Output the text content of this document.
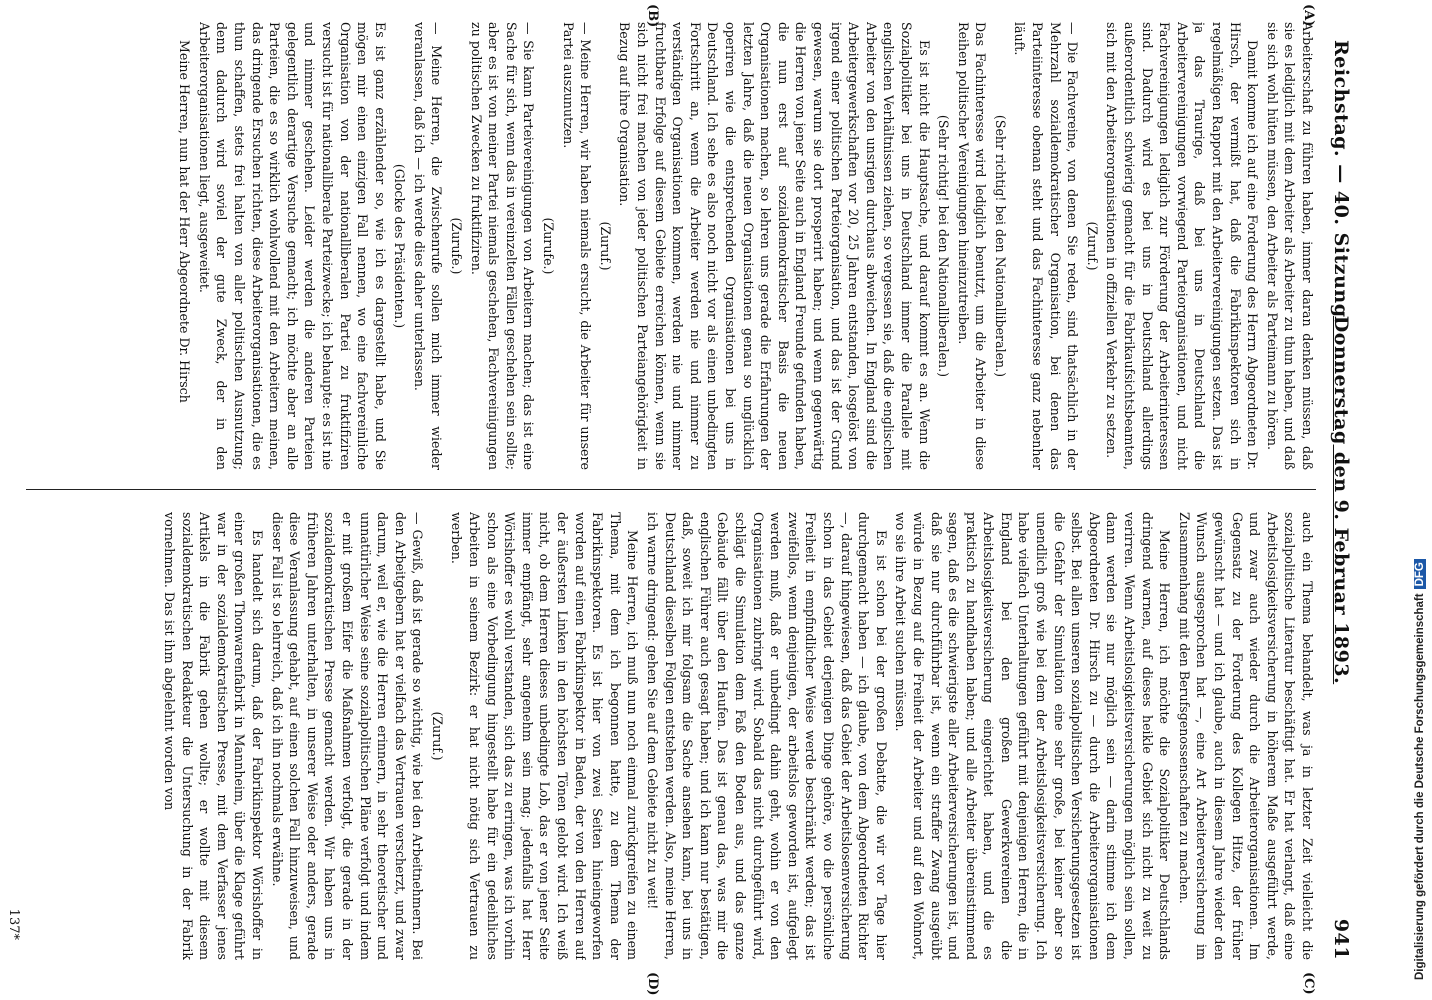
Reichstag. — 40. Sitzung.
Donnerstag den 9. Februar 1893.
941

Arbeiterschaft zu führen haben, immer daran denken müssen, daß sie es lediglich mit dem Arbeiter als Arbeiter zu thun haben, und daß sie sich wohl hüten müssen, den Arbeiter als Parteimann zu hören.

Damit komme ich auf eine Forderung des Herrn Abgeordneten Dr. Hirsch, der vermißt hat, daß die Fabrikinspektoren sich in regelmäßigen Rapport mit den Arbeitervereinigungen setzen. Das ist ja das Traurige, daß bei uns in Deutschland die Arbeitervereinigungen vorwiegend Parteiorganisationen, und nicht Fachvereinigungen lediglich zur Förderung der Arbeiterinteressen sind. Dadurch wird es bei uns in Deutschland allerdings außerordentlich schwierig gemacht für die Fabrikaufsichtsbeamten, sich mit den Arbeiterorganisationen in offiziellen Verkehr zu setzen.

(Zuruf.)

— Die Fachvereine, von denen Sie reden, sind thatsächlich in der Mehrzahl sozialdemokratischer Organisation, bei denen das Parteiinteresse obenan steht und das Fachinteresse ganz nebenher läuft.

(Sehr richtig! bei den Nationalliberalen.)

Das Fachinteresse wird lediglich benutzt, um die Arbeiter in diese Reihen politischer Vereinigungen hineinzutreiben.

(Sehr richtig! bei den Nationalliberalen.)

Es ist nicht die Hauptsache, und darauf kommt es an. Wenn die Sozialpolitiker bei uns in Deutschland immer die Parallele mit englischen Verhältnissen ziehen, so vergessen sie, daß die englischen Arbeiter von den unsrigen durchaus abweichen. In England sind die Arbeitergewerkschaften vor 20, 25 Jahren entstanden, losgelöst von irgend einer politischen Parteiorganisation, und das ist der Grund gewesen, warum sie dort prosperirt haben; und wenn gegenwärtig die Herren von jener Seite auch in England Freunde gefunden haben, die nun erst auf sozialdemokratischer Basis die neuen Organisationen machen, so lehren uns gerade die Erfahrungen der letzten Jahre, daß die neuen Organisationen genau so unglücklich operiren wie die entsprechenden Organisationen bei uns in Deutschland. Ich sehe es also noch nicht vor als einen unbedingten Fortschritt an, wenn die Arbeiter werden nie und nimmer zu verständigen Organisationen kommen, werden nie und nimmer fruchtbare Erfolge auf diesem Gebiete erreichen können, wenn sie sich nicht frei machen von jeder politischen Parteiangehörigkeit in Bezug auf ihre Organisation.

(Zuruf.)

— Meine Herren, wir haben niemals ersucht, die Arbeiter für unsere Partei auszunutzen.

(Zurufe.)

— Sie kann Parteivereinigungen von Arbeitern machen; das ist eine Sache für sich, wenn das in vereinzelten Fällen geschehen sein sollte; aber es ist von meiner Partei niemals geschehen, Fachvereinigungen zu politischen Zwecken zu fruktifiziren.

(Zurufe.)

— Meine Herren, die Zwischenrufe sollen mich immer wieder veranlassen, daß ich — ich werde dies daher unterlassen.

(Glocke des Präsidenten.)

Es ist ganz erzählender so, wie ich es dargestellt habe, und Sie mögen mir einen einzigen Fall nennen, wo eine fachvereinliche Organisation von der nationalliberalen Partei zu fruktifiziren versucht ist für nationalliberale Parteizwecke; ich behaupte: es ist nie und nimmer geschehen. Leider werden die anderen Parteien gelegentlich derartige Versuche gemacht; ich möchte aber an alle Parteien, die es so wirklich wohlwollend mit den Arbeitern meinen, das dringende Ersuchen richten, diese Arbeiterorganisationen, die es thun schaffen, stets frei halten von aller politischen Ausnutzung; denn dadurch wird soviel der gute Zweck, der in den Arbeiterorganisationen liegt, ausgeweitet.

Meine Herren, nun hat der Herr Abgeordnete Dr. Hirsch

auch ein Thema behandelt, was ja in letzter Zeit vielleicht die sozialpolitische Literatur beschäftigt hat. Er hat verlangt, daß eine Arbeitslosigkeitsversicherung in höherem Maße ausgeführt werde, und zwar auch wieder durch die Arbeiterorganisationen. Im Gegensatz zu der Forderung des Kollegen Hitze, der früher gewünscht hat — und ich glaube, auch in diesem Jahre wieder den Wunsch ausgesprochen hat —, eine Art Arbeiterversicherung im Zusammenhang mit den Berufsgenossenschaften zu machen.

Meine Herren, ich möchte die Sozialpolitiker Deutschlands dringend warnen, auf dieses heikle Gebiet sich nicht zu weit zu verirren. Wenn Arbeitslosigkeitsversicherungen möglich sein sollen, dann werden sie nur möglich sein — darin stimme ich dem Abgeordneten Dr. Hirsch zu — durch die Arbeiterorganisationen selbst. Bei allen unseren sozialpolitischen Versicherungsgesetzen ist die Gefahr der Simulation eine sehr große, bei keiner aber so unendlich groß wie bei dem der Arbeitslosigkeitsversicherung. Ich habe vielfach Unterhaltungen geführt mit denjenigen Herren, die in England bei den großen Gewerkvereinen die Arbeitslosigkeitsversicherung eingerichtet haben, und die es praktisch zu handhaben haben; und alle Arbeiter übereinstimmend sagen, daß es die schwierigste aller Arbeiterversicherungen ist, und daß sie nur durchführbar ist, wenn ein straffer Zwang ausgeübt würde in Bezug auf die Freiheit der Arbeiter und auf den Wohnort, wo sie ihre Arbeit suchen müssen.

Es ist schon bei der großen Debatte, die wir vor Tage hier durchgemacht haben — ich glaube, von dem Abgeordneten Richter —, darauf hingewiesen, daß das Gebiet der Arbeitslosenversicherung schon in das Gebiet derjenigen Dinge gehöre, wo die persönliche Freiheit in empfindlicher Weise werde beschränkt werden; das ist zweifellos, wenn denjenigen, der arbeitslos geworden ist, aufgelegt werden muß, daß er unbedingt dahin geht, wohin er von den Organisationen zubringt wird. Sobald das nicht durchgeführt wird, schlägt die Simulation dem Faß den Boden aus, und das ganze Gebäude fällt über den Haufen. Das ist genau das, was mir die englischen Führer auch gesagt haben; und ich kann nur bestätigen, daß, soweit ich mir folgsam die Sache ansehen kann, bei uns in Deutschland dieselben Folgen entstehen werden. Also, meine Herren, ich warne dringend: gehen Sie auf dem Gebiete nicht zu weit!

Meine Herren, ich muß nun noch einmal zurückgreifen zu einem Thema, mit dem ich begonnen hatte, zu dem Thema der Fabrikinspektoren. Es ist hier von zwei Seiten hineingeworfen worden auf einen Fabrikinspektor in Baden, der von den Herren auf der äußersten Linken in den höchsten Tönen gelobt wird. Ich weiß nicht, ob dem Herren dieses unbedingte Lob, das er von jener Seite immer empfängt, sehr angenehm sein mag; jedenfalls hat Herr Wörishoffer es wohl verstanden, sich das zu erringen, was ich vorhin schon als eine Vorbedingung hingestellt habe für ein gedeihliches Arbeiten in seinem Bezirk: er hat nicht nötig sich Vertrauen zu werben.

(Zuruf.)

— Gewiß, daß ist gerade so wichtig, wie bei den Arbeitnehmern. Bei den Arbeitgebern hat er vielfach das Vertrauen verscherzt, und zwar darum, weil er, wie die Herren erinnern, in sehr theoretischer und unnatürlicher Weise seine sozialpolitischen Pläne verfolgt und indem er mit großem Eifer die Maßnahmen verfolgt, die gerade in der sozialdemokratischen Presse gemacht werden. Wir haben uns in früheren Jahren unterhalten, in unserer Weise oder anders, gerade diese Veranlassung gehabt, auf einen solchen Fall hinzuweisen, und dieser Fall ist so lehrreich, daß ich ihn nochmals erwähne.

Es handelt sich darum, daß der Fabrikinspektor Wörishoffer in einer großen Thonwarenfabrik in Mannheim, über die Klage geführt war in der sozialdemokratischen Presse, mit dem Verfasser jenes Artikels in die Fabrik gehen wollte; er wollte mit diesem sozialdemokratischen Redakteur die Untersuchung in der Fabrik vornehmen. Das ist ihm abgelehnt worden von

(A)
(B)
(C)
(D)
137*	Digitalisierung gefördert durch die Deutsche ForschungsgemeinschaftDFG
